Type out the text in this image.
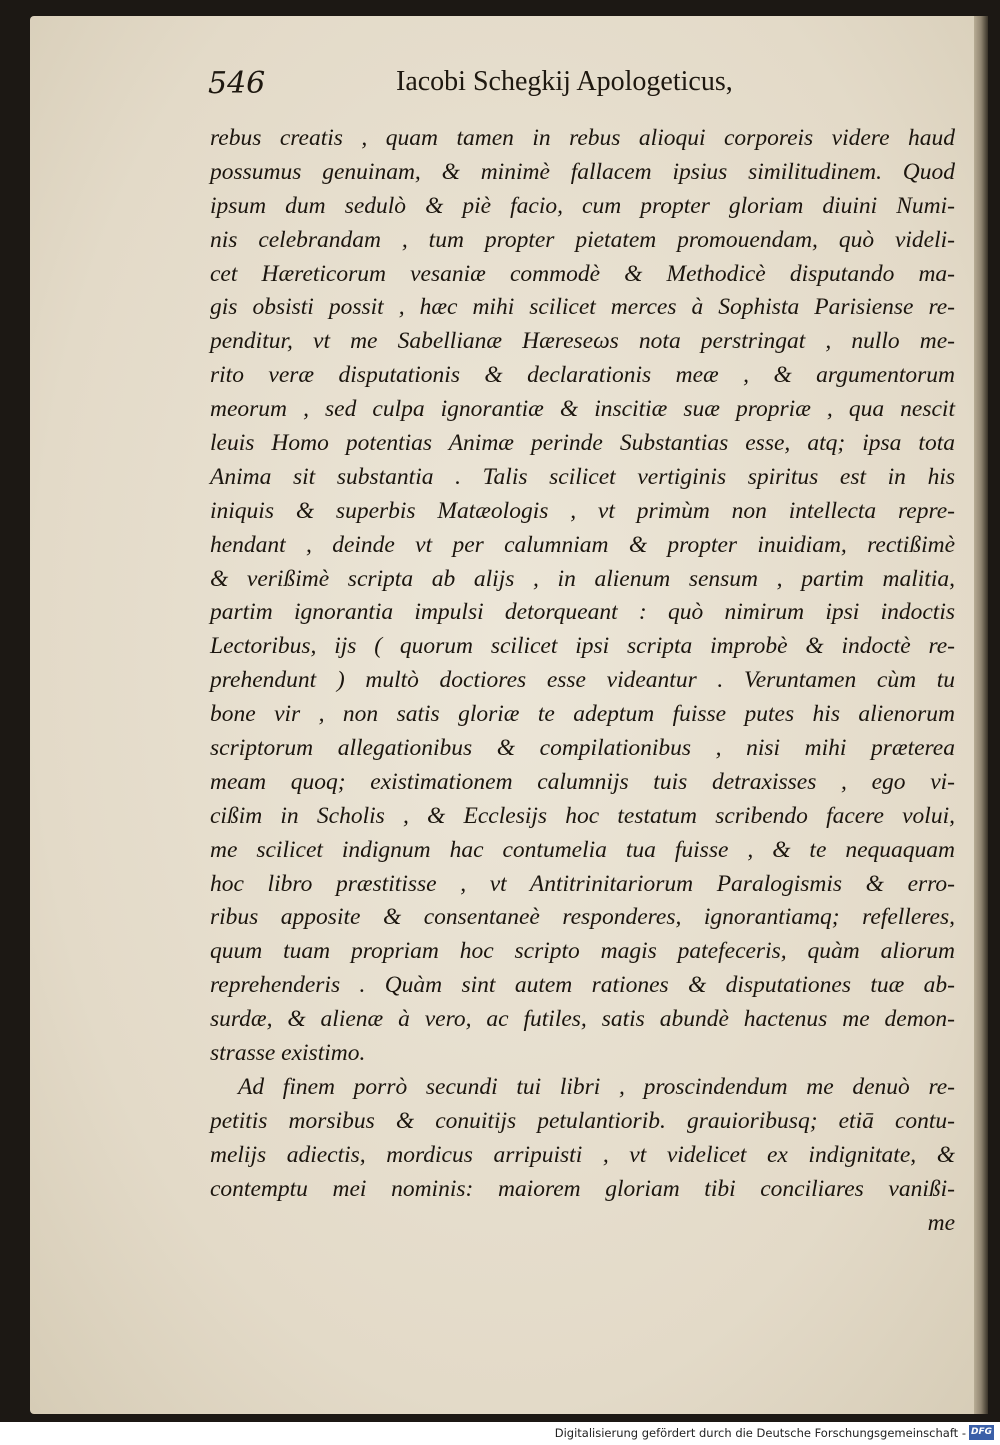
546	Iacobi Schegkij Apologeticus,
rebus creatis , quam tamen in rebus alioqui corporeis videre haud
possumus genuinam, & minimè fallacem ipsius similitudinem. Quod
ipsum dum sedulò & piè facio, cum propter gloriam diuini Numi-
nis celebrandam , tum propter pietatem promouendam, quò videli-
cet Hæreticorum vesaniæ commodè & Methodicè disputando ma-
gis obsisti possit , hæc mihi scilicet merces à Sophista Parisiense re-
penditur, vt me Sabellianæ Hæreseωs nota perstringat , nullo me-
rito veræ disputationis & declarationis meæ , & argumentorum
meorum , sed culpa ignorantiæ & inscitiæ suæ propriæ , qua nescit
leuis Homo potentias Animæ perinde Substantias esse, atq; ipsa tota
Anima sit substantia . Talis scilicet vertiginis spiritus est in his
iniquis & superbis Matæologis , vt primùm non intellecta repre-
hendant , deinde vt per calumniam & propter inuidiam, rectißimè
& verißimè scripta ab alijs , in alienum sensum , partim malitia,
partim ignorantia impulsi detorqueant : quò nimirum ipsi indoctis
Lectoribus, ijs ( quorum scilicet ipsi scripta improbè & indoctè re-
prehendunt ) multò doctiores esse videantur . Veruntamen cùm tu
bone vir , non satis gloriæ te adeptum fuisse putes his alienorum
scriptorum allegationibus & compilationibus , nisi mihi præterea
meam quoq; existimationem calumnijs tuis detraxisses , ego vi-
cißim in Scholis , & Ecclesijs hoc testatum scribendo facere volui,
me scilicet indignum hac contumelia tua fuisse , & te nequaquam
hoc libro præstitisse , vt Antitrinitariorum Paralogismis & erro-
ribus apposite & consentaneè responderes, ignorantiamq; refelleres,
quum tuam propriam hoc scripto magis patefeceris, quàm aliorum
reprehenderis . Quàm sint autem rationes & disputationes tuæ ab-
surdæ, & alienæ à vero, ac futiles, satis abundè hactenus me demon-
strasse existimo.
Ad finem porrò secundi tui libri , proscindendum me denuò re-
petitis morsibus & conuitijs petulantiorib. grauioribusq; etiā contu-
melijs adiectis, mordicus arripuisti , vt videlicet ex indignitate, &
contemptu mei nominis: maiorem gloriam tibi conciliares vanißi-
me
Digitalisierung gefördert durch die Deutsche Forschungsgemeinschaft - DFG
